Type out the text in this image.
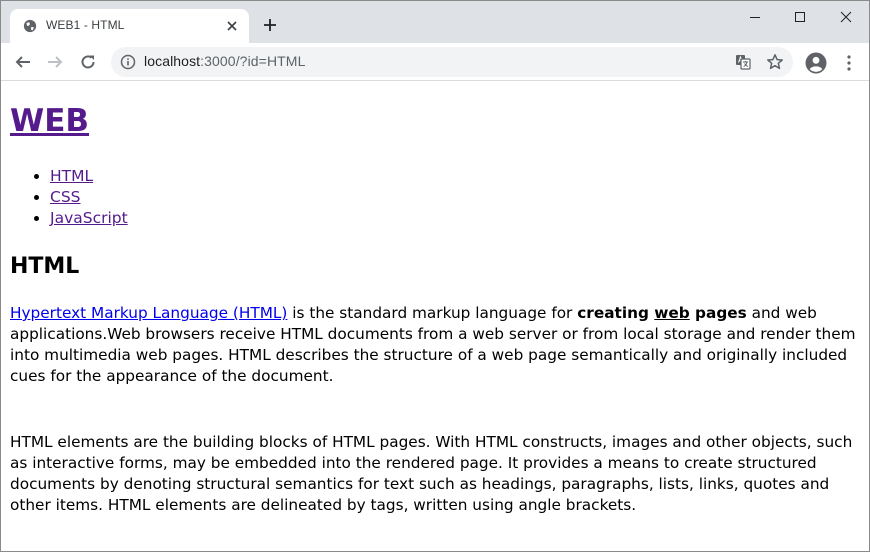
WEB1 - HTML
localhost:3000/?id=HTML
WEB
• HTML
• CSS
• JavaScript
HTML

Hypertext Markup Language (HTML) is the standard markup language for creating web pages and web applications.Web browsers receive HTML documents from a web server or from local storage and render them into multimedia web pages. HTML describes the structure of a web page semantically and originally included cues for the appearance of the document.

HTML elements are the building blocks of HTML pages. With HTML constructs, images and other objects, such as interactive forms, may be embedded into the rendered page. It provides a means to create structured documents by denoting structural semantics for text such as headings, paragraphs, lists, links, quotes and other items. HTML elements are delineated by tags, written using angle brackets.
